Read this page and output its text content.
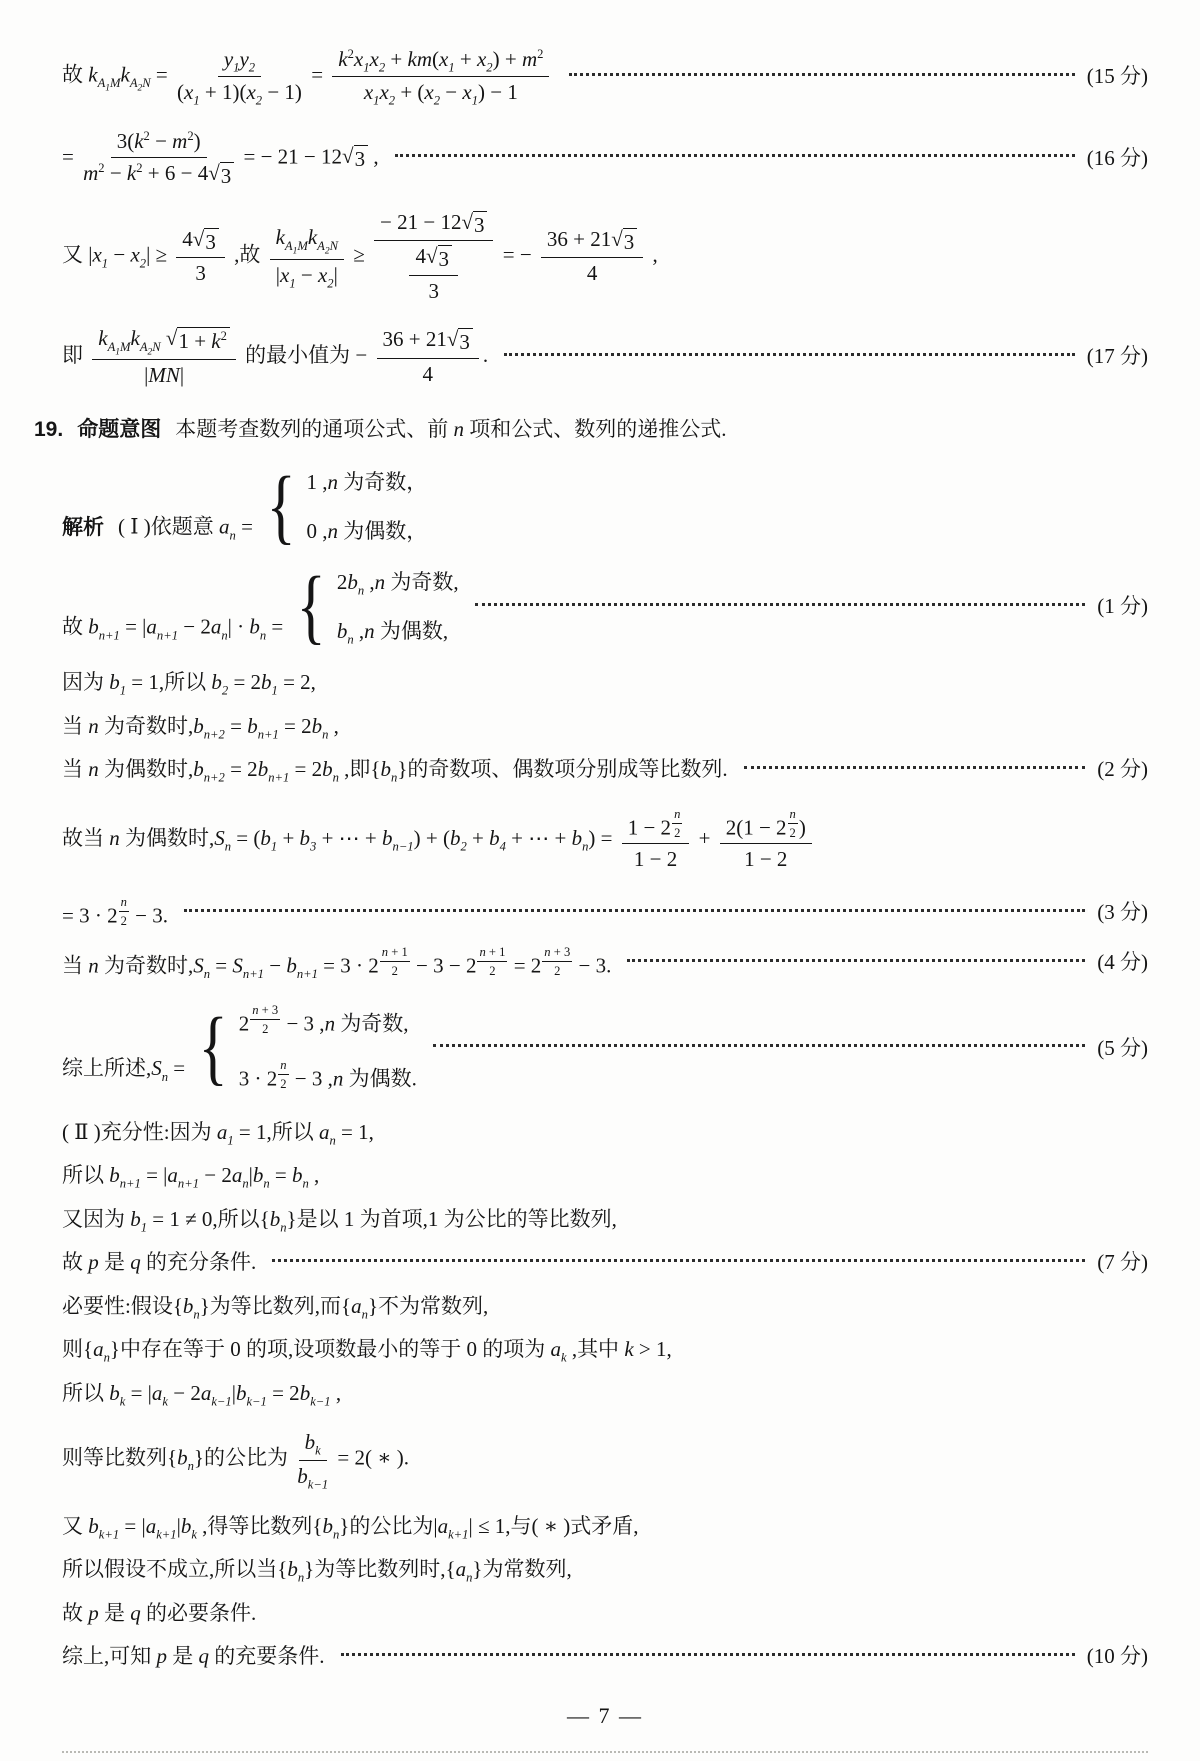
故 $k_{A_1M}k_{A_2N} = \frac{y_1y_2}{(x_1 + 1)(x_2 - 1)} = \frac{k^2x_1x_2 + km(x_1 + x_2) + m^2}{x_1x_2 + (x_2 - x_1) - 1}$	(15 分)
= $\frac{3(k^2 - m^2)}{m^2 - k^2 + 6 - 4 √ 3}$ = − 21 − 12 √ 3 ,	(16 分)
又 $|x_1 - x_2| \ge \frac{4 √ 3}{3}$ ,故 $\frac{k_{A_1M}k_{A_2N}}{|x_1 - x_2|} \ge \frac{- 21 - 12 √ 3}{\frac{4 √ 3}{3}}$ = − $\frac{36 + 21 √ 3}{4}$ ,
即 $\frac{k_{A_1M}k_{A_2N} √ 1 + k^2}{|MN|}$ 的最小值为 − $\frac{36 + 21 √ 3}{4}$ .	(17 分)
19. 命题意图 本题考查数列的通项公式、前 n 项和公式、数列的递推公式.
解析 ( Ⅰ )依题意 $a_n$ = { 1 ,n 为奇数，
0 ,n 为偶数，
故 $b_{n+1} = |a_{n+1} - 2a_n| \cdot b_n$ = { $2b_n$ ,n 为奇数,
$b_n$ ,n 为偶数,
(1 分)
因为 $b_1 = 1$,所以 $b_2 = 2b_1 = 2$,
当 n 为奇数时$,b_{n+2} = b_{n+1} = 2b_n$ ,
当 n 为偶数时$,b_{n+2} = 2b_{n+1} = 2b_n$ ,即$\{b_n\}$的奇数项、偶数项分别成等比数列.	(2 分)
故当 n 为偶数时$,S_n = (b_1 + b_3$ + ⋯ + $b_{n-1}) + (b_2 + b_4$ + ⋯ + $b_n) = 1 - 2$ $^{\frac{n}{2}}$
1 − 2 + 2(1 − 2 $^{\frac{n}{2}}$ )
1 − 2
= 3 · 2 $^{\frac{n}{2}}$ − 3.	(3 分)
当 n 为奇数时$,S_n = S_{n+1} - b_{n+1} = 3 \cdot 2$ $^{\frac{n + 1}{2}}$ − 3 − 2 $^{\frac{n + 1}{2}}$ = 2 $^{\frac{n + 3}{2}}$ − 3.	(4 分)
综上所述$,S_n$ = { 2 $^{\frac{n + 3}{2}}$ − 3 ,n 为奇数,
3 · 2 $^{\frac{n}{2}}$ − 3 ,n 为偶数.
(5 分)
( Ⅱ )充分性:因为 $a_1 = 1$,所以 $a_n = 1$,
所以 $b_{n+1} = |a_{n+1} - 2a_n|b_n = b_n$ ,
又因为 $b_1 = 1 \ne 0$,所以$\{b_n\}$是以 1 为首项,1 为公比的等比数列,
故 p 是 q 的充分条件.	(7 分)
必要性:假设$\{b_n\}$为等比数列,而$\{a_n\}$不为常数列,
则$\{a_n\}$中存在等于 0 的项,设项数最小的等于 0 的项为 $a_k$ ,其中 k > 1,
所以 $b_k = |a_k - 2a_{k-1}|b_{k-1} = 2b_{k-1}$ ,
则等比数列$\{b_n\}$的公比为 $\frac{b_k}{b_{k-1}} = 2$( ∗ ).
又 $b_{k+1} = |a_{k+1}|b_k$ ,得等比数列$\{b_n\}$的公比为$|a_{k+1}| \le 1$,与( ∗ )式矛盾,
所以假设不成立,所以当$\{b_n\}$为等比数列时$,\{a_n\}$为常数列,
故 p 是 q 的必要条件.
综上,可知 p 是 q 的充要条件.	(10 分)
— 7 —
